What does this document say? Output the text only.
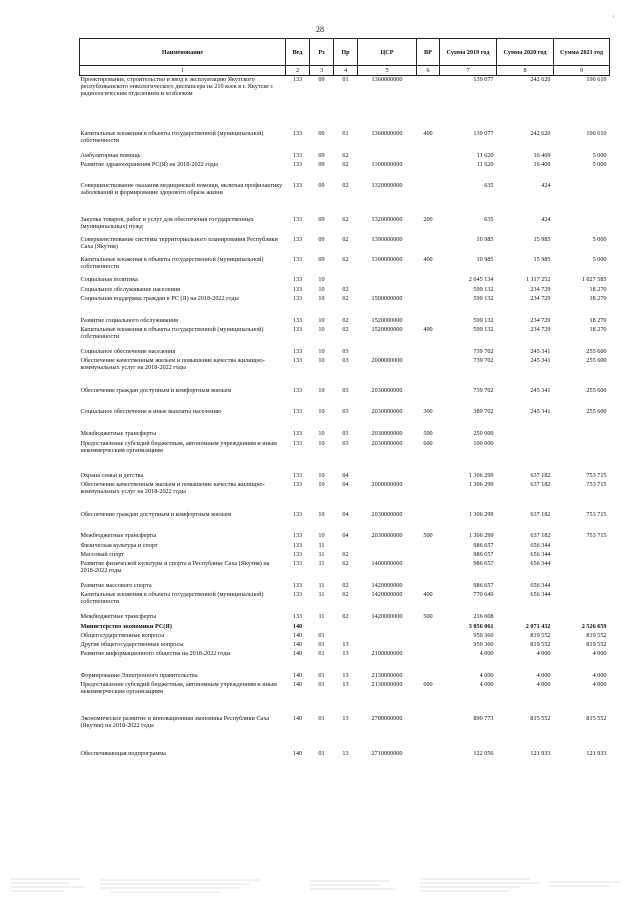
'
28
Наименование	Вед	Рз	Пр	ЦСР	ВР	Сумма 2019 год	Сумма 2020 год	Сумма 2021 год
1	2	3	4	5	6	7	8	9
Проектирование, строительство и ввод в эксплуатацию Якутского республиканского онкологического диспансера на 210 коек в г. Якутске с радиологическим отделением и хозблоком	133	09	01	1360000000		139 077	242 620	190 610
Капитальные вложения в объекты государственной (муниципальной) собственности	133	09	01	1360000000	400	139 077	242 620	190 610
Амбулаторная помощь	133	09	02			11 620	16 409	5 000
Развитие здравоохранения РС(Я) на 2018-2022 годы	133	09	02	1300000000		11 620	16 409	5 000
Совершенствование оказания медицинской помощи, включая профилактику заболеваний и формирование здорового образа жизни	133	09	02	1320000000		635	424	
Закупка товаров, работ и услуг для обеспечения государственных (муниципальных) нужд	133	09	02	1320000000	200	635	424	
Совершенствование системы территориального планирования Республики Саха (Якутия)	133	09	02	1390000000		10 985	15 985	5 000
Капитальные вложения в объекты государственной (муниципальной) собственности	133	09	02	1390000000	400	10 985	15 985	5 000
Социальная политика	133	10				2 645 134	1 117 252	1 027 585
Социальное обслуживание населения	133	10	02			599 132	234 729	18 270
Социальная поддержка граждан в РС (Я) на 2018-2022 годы	133	10	02	1500000000		599 132	234 729	18 270
Развитие социального обслуживания	133	10	02	1520000000		599 132	234 729	18 270
Капитальные вложения в объекты государственной (муниципальной) собственности	133	10	02	1520000000	400	599 132	234 729	18 270
Социальное обеспечение населения	133	10	03			739 702	245 341	255 600
Обеспечение качественным жильем и повышение качества жилищно-коммунальных услуг на 2018-2022 годы	133	10	03	2000000000		739 702	245 341	255 600
Обеспечение граждан доступным и комфортным жильем	133	10	03	2030000000		739 702	245 341	255 600
Социальное обеспечение и иные выплаты населению	133	10	03	2030000000	300	389 702	245 341	255 600
Межбюджетные трансферты	133	10	03	2030000000	500	250 000		
Предоставление субсидий бюджетным, автономным учреждениям и иным некоммерческим организациям	133	10	03	2030000000	600	100 000		
Охрана семьи и детства	133	10	04			1 306 299	637 182	753 715
Обеспечение качественным жильем и повышение качества жилищно-коммунальных услуг на 2018-2022 годы	133	10	04	2000000000		1 306 299	637 182	753 715
Обеспечение граждан доступным и комфортным жильем	133	10	04	2030000000		1 306 299	637 182	753 715
Межбюджетные трансферты	133	10	04	2030000000	500	1 306 299	637 182	753 715
Физическая культура и спорт	133	11				986 657	656 344	
Массовый спорт	133	11	02			986 657	656 344	
Развитие физической культуры и спорта в Республике Саха (Якутия) на 2018-2022 годы	133	11	02	1400000000		986 657	656 344	
Развитие массового спорта	133	11	02	1420000000		986 657	656 344	
Капитальные вложения в объекты государственной (муниципальной) собственности	133	11	02	1420000000	400	770 649	656 344	
Межбюджетные трансферты	133	11	02	1420000000	500	216 008		
Министерство экономики РС(Я)	140					3 056 061	2 071 432	2 526 659
Общегосударственные вопросы	140	01				959 360	819 552	819 552
Другие общегосударственные вопросы	140	01	13			959 360	819 552	819 552
Развитие информационного общества на 2018-2022 годы	140	01	13	2100000000		4 000	4 000	4 000
Формирование Электронного правительства	140	01	13	2130000000		4 000	4 000	4 000
Предоставление субсидий бюджетным, автономным учреждениям и иным некоммерческим организациям	140	01	13	2130000000	600	4 000	4 000	4 000
Экономическое развитие и инновационная экономика Республики Саха (Якутия) на 2018-2022 годы	140	01	13	2700000000		890 773	815 552	815 552
Обеспечивающая подпрограмма	140	01	13	2710000000		122 056	121 933	121 933
